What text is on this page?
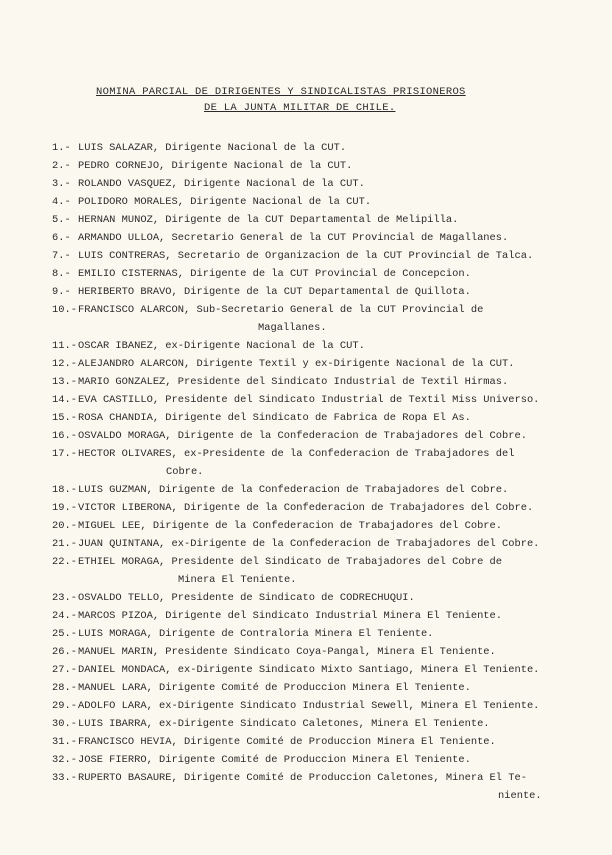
NOMINA PARCIAL DE DIRIGENTES Y SINDICALISTAS PRISIONEROS
DE LA JUNTA MILITAR DE CHILE.
1.- LUIS SALAZAR, Dirigente Nacional de la CUT.
2.- PEDRO CORNEJO, Dirigente Nacional de la CUT.
3.- ROLANDO VASQUEZ, Dirigente Nacional de la CUT.
4.- POLIDORO MORALES, Dirigente Nacional de la CUT.
5.- HERNAN MUNOZ, Dirigente de la CUT Departamental de Melipilla.
6.- ARMANDO ULLOA, Secretario General de la CUT Provincial de Magallanes.
7.- LUIS CONTRERAS, Secretario de Organizacion de la CUT Provincial de Talca.
8.- EMILIO CISTERNAS, Dirigente de la CUT Provincial de Concepcion.
9.- HERIBERTO BRAVO, Dirigente de la CUT Departamental de Quillota.
10.- FRANCISCO ALARCON, Sub-Secretario General de la CUT Provincial de
Magallanes.
11.- OSCAR IBANEZ, ex-Dirigente Nacional de la CUT.
12.- ALEJANDRO ALARCON, Dirigente Textil y ex-Dirigente Nacional de la CUT.
13.- MARIO GONZALEZ, Presidente del Sindicato Industrial de Textil Hirmas.
14.- EVA CASTILLO, Presidente del Sindicato Industrial de Textil Miss Universo.
15.- ROSA CHANDIA, Dirigente del Sindicato de Fabrica de Ropa El As.
16.- OSVALDO MORAGA, Dirigente de la Confederacion de Trabajadores del Cobre.
17.- HECTOR OLIVARES, ex-Presidente de la Confederacion de Trabajadores del
Cobre.
18.- LUIS GUZMAN, Dirigente de la Confederacion de Trabajadores del Cobre.
19.- VICTOR LIBERONA, Dirigente de la Confederacion de Trabajadores del Cobre.
20.- MIGUEL LEE, Dirigente de la Confederacion de Trabajadores del Cobre.
21.- JUAN QUINTANA, ex-Dirigente de la Confederacion de Trabajadores del Cobre.
22.- ETHIEL MORAGA, Presidente del Sindicato de Trabajadores del Cobre de
Minera El Teniente.
23.- OSVALDO TELLO, Presidente de Sindicato de CODRECHUQUI.
24.- MARCOS PIZOA, Dirigente del Sindicato Industrial Minera El Teniente.
25.- LUIS MORAGA, Dirigente de Contraloria Minera El Teniente.
26.- MANUEL MARIN, Presidente Sindicato Coya-Pangal, Minera El Teniente.
27.- DANIEL MONDACA, ex-Dirigente Sindicato Mixto Santiago, Minera El Teniente.
28.- MANUEL LARA, Dirigente Comité de Produccion Minera El Teniente.
29.- ADOLFO LARA, ex-Dirigente Sindicato Industrial Sewell, Minera El Teniente.
30.- LUIS IBARRA, ex-Dirigente Sindicato Caletones, Minera El Teniente.
31.- FRANCISCO HEVIA, Dirigente Comité de Produccion Minera El Teniente.
32.- JOSE FIERRO, Dirigente Comité de Produccion Minera El Teniente.
33.- RUPERTO BASAURE, Dirigente Comité de Produccion Caletones, Minera El Te-
niente.
